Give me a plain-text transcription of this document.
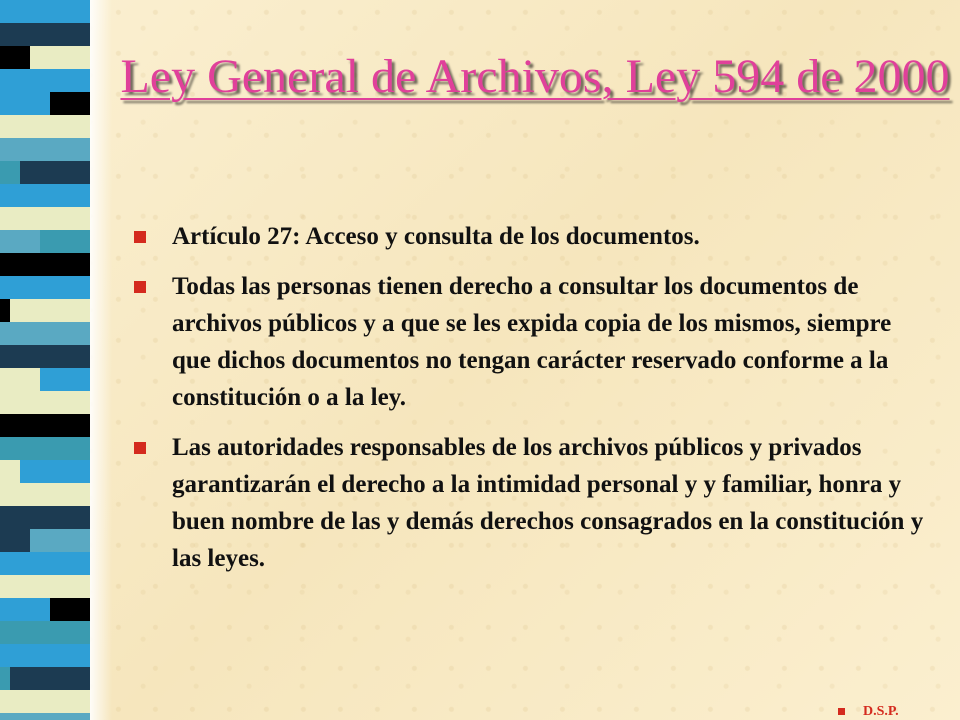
Ley General de Archivos, Ley 594 de 2000
Artículo 27: Acceso y consulta de los documentos.
Todas las personas tienen derecho a consultar los documentos de archivos públicos y a que se les expida copia de los mismos, siempre que dichos documentos no tengan carácter reservado conforme a la constitución o a la ley.
Las autoridades responsables de los archivos públicos y privados garantizarán el derecho a la intimidad personal y y familiar, honra y buen nombre de las y demás derechos consagrados en la constitución y las leyes.
D.S.P.
